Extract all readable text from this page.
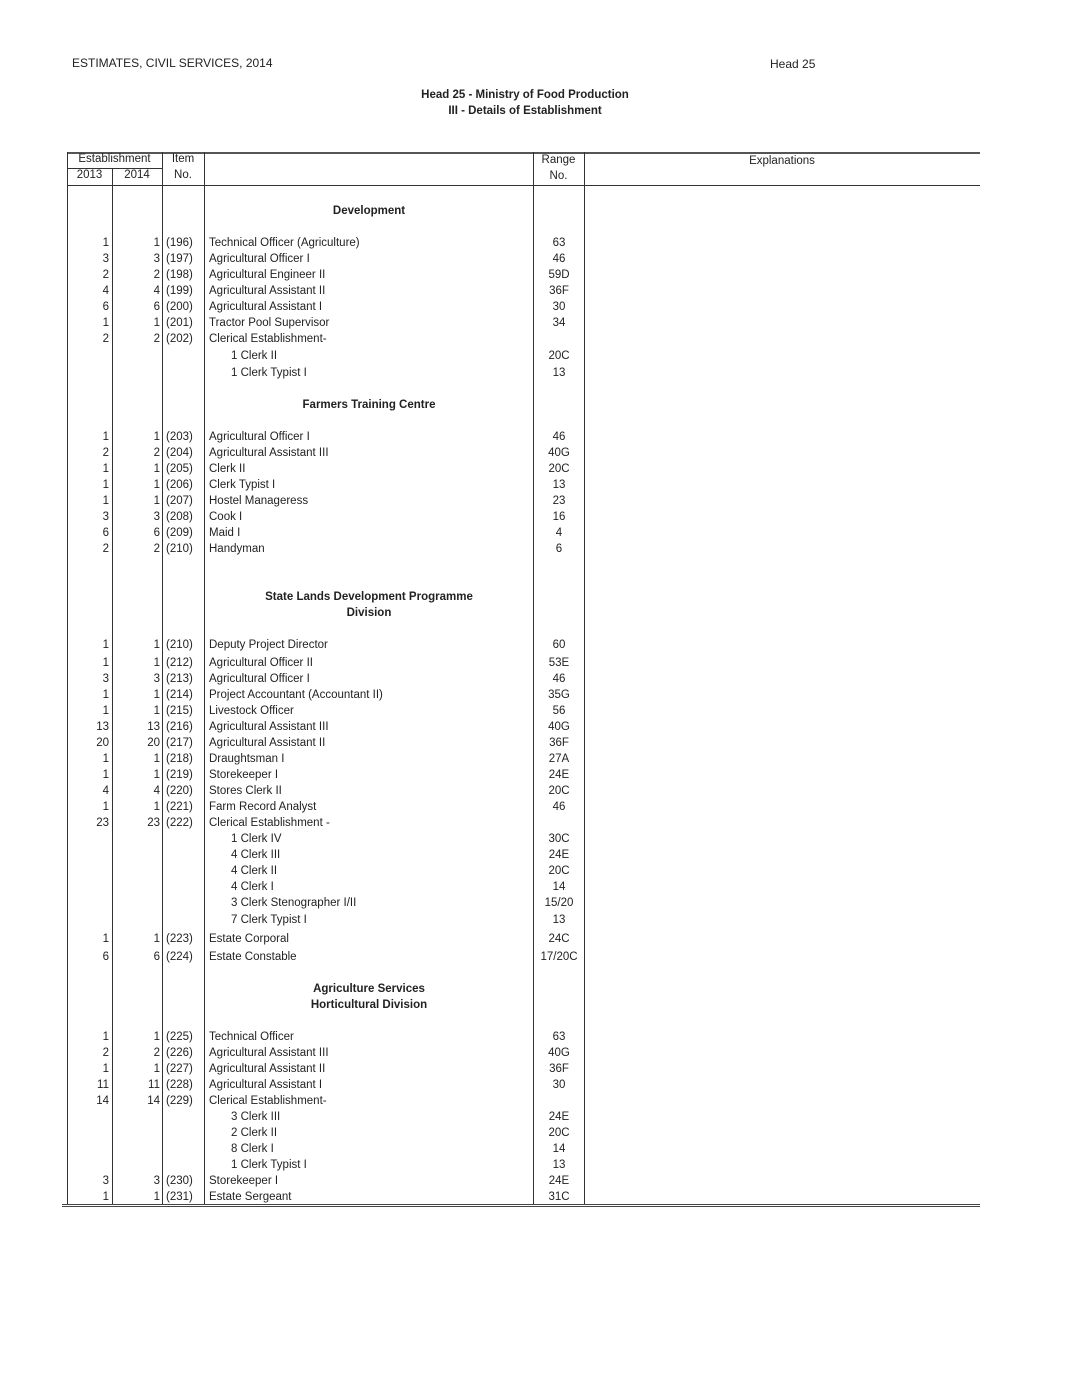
ESTIMATES, CIVIL SERVICES, 2014	Head 25
Head 25 - Ministry of Food Production
III - Details of Establishment
Establishment
2013	2014
Item
No.
Range
No.
Explanations
Development
1	1 (196)	Technical Officer (Agriculture)	63
3	3 (197)	Agricultural Officer I	46
2	2 (198)	Agricultural Engineer II	59D
4	4 (199)	Agricultural Assistant II	36F
6	6 (200)	Agricultural Assistant I	30
1	1 (201)	Tractor Pool Supervisor	34
2	2 (202)	Clerical Establishment-
1 Clerk II	20C
1 Clerk Typist I	13
Farmers Training Centre
1	1 (203)	Agricultural Officer I	46
2	2 (204)	Agricultural Assistant III	40G
1	1 (205)	Clerk II	20C
1	1 (206)	Clerk Typist I	13
1	1 (207)	Hostel Manageress	23
3	3 (208)	Cook I	16
6	6 (209)	Maid I	4
2	2 (210)	Handyman	6
State Lands Development Programme
Division
1	1 (210)	Deputy Project Director	60
1	1 (212)	Agricultural Officer II	53E
3	3 (213)	Agricultural Officer I	46
1	1 (214)	Project Accountant (Accountant II)	35G
1	1 (215)	Livestock Officer	56
13	13 (216)	Agricultural Assistant III	40G
20	20 (217)	Agricultural Assistant II	36F
1	1 (218)	Draughtsman I	27A
1	1 (219)	Storekeeper I	24E
4	4 (220)	Stores Clerk II	20C
1	1 (221)	Farm Record Analyst	46
23	23 (222)	Clerical Establishment -
1 Clerk IV	30C
4 Clerk III	24E
4 Clerk II	20C
4 Clerk I	14
3 Clerk Stenographer I/II	15/20
7 Clerk Typist I	13
1	1 (223)	Estate Corporal	24C
6	6 (224)	Estate Constable	17/20C
Agriculture Services
Horticultural Division
1	1 (225)	Technical Officer	63
2	2 (226)	Agricultural Assistant III	40G
1	1 (227)	Agricultural Assistant II	36F
11	11 (228)	Agricultural Assistant I	30
14	14 (229)	Clerical Establishment-
3 Clerk III	24E
2 Clerk II	20C
8 Clerk I	14
1 Clerk Typist I	13
3	3 (230)	Storekeeper I	24E
1	1 (231)	Estate Sergeant	31C
